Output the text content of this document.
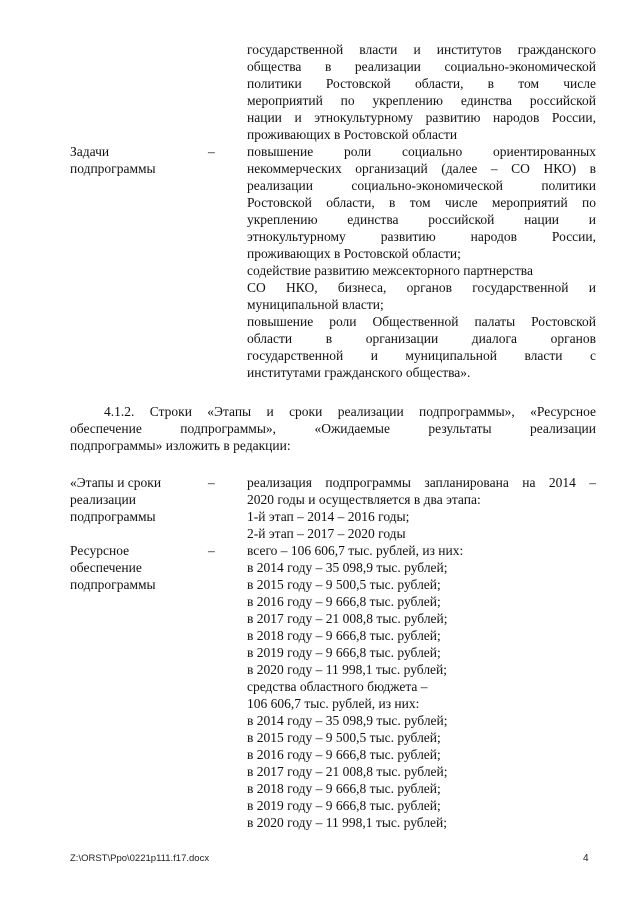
государственной власти и институтов гражданского
общества в реализации социально-экономической
политики Ростовской области, в том числе
мероприятий по укреплению единства российской
нации и этнокультурному развитию народов России,
проживающих в Ростовской области
Задачи
подпрограммы
– повышение роли социально ориентированных
некоммерческих организаций (далее – СО НКО) в
реализации социально-экономической политики
Ростовской области, в том числе мероприятий по
укреплению единства российской нации и
этнокультурному развитию народов России,
проживающих в Ростовской области;
содействие развитию межсекторного партнерства
СО НКО, бизнеса, органов государственной и
муниципальной власти;
повышение роли Общественной палаты Ростовской
области в организации диалога органов
государственной и муниципальной власти с
институтами гражданского общества».
4.1.2. Строки «Этапы и сроки реализации подпрограммы», «Ресурсное
обеспечение подпрограммы», «Ожидаемые результаты реализации
подпрограммы» изложить в редакции:
«Этапы и сроки
реализации
подпрограммы
– реализация подпрограммы запланирована на 2014 –
2020 годы и осуществляется в два этапа:
1-й этап – 2014 – 2016 годы;
2-й этап – 2017 – 2020 годы
Ресурсное
обеспечение
подпрограммы
– всего – 106 606,7 тыс. рублей, из них:
в 2014 году – 35 098,9 тыс. рублей;
в 2015 году – 9 500,5 тыс. рублей;
в 2016 году – 9 666,8 тыс. рублей;
в 2017 году – 21 008,8 тыс. рублей;
в 2018 году – 9 666,8 тыс. рублей;
в 2019 году – 9 666,8 тыс. рублей;
в 2020 году – 11 998,1 тыс. рублей;
средства областного бюджета –
106 606,7 тыс. рублей, из них:
в 2014 году – 35 098,9 тыс. рублей;
в 2015 году – 9 500,5 тыс. рублей;
в 2016 году – 9 666,8 тыс. рублей;
в 2017 году – 21 008,8 тыс. рублей;
в 2018 году – 9 666,8 тыс. рублей;
в 2019 году – 9 666,8 тыс. рублей;
в 2020 году – 11 998,1 тыс. рублей;
Z:\ORST\Ppo\0221p111.f17.docx	4
